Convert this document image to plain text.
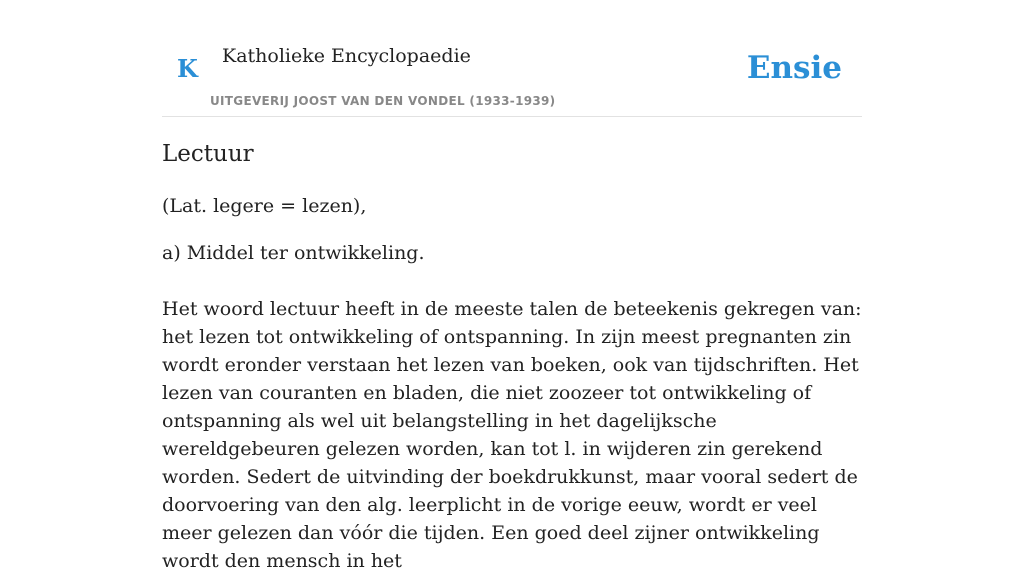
K Katholieke Encyclopaedie
UITGEVERIJ JOOST VAN DEN VONDEL (1933-1939)
Ensie
Lectuur

(Lat. legere = lezen),

a) Middel ter ontwikkeling.

Het woord lectuur heeft in de meeste talen de beteekenis gekregen van: het lezen tot ontwikkeling of ontspanning. In zijn meest pregnanten zin wordt eronder verstaan het lezen van boeken, ook van tijdschriften. Het lezen van couranten en bladen, die niet zoozeer tot ontwikkeling of ontspanning als wel uit belangstelling in het dagelijksche wereldgebeuren gelezen worden, kan tot l. in wijderen zin gerekend worden. Sedert de uitvinding der boekdrukkunst, maar vooral sedert de doorvoering van den alg. leerplicht in de vorige eeuw, wordt er veel meer gelezen dan vóór die tijden. Een goed deel zijner ontwikkeling wordt den mensch in het
